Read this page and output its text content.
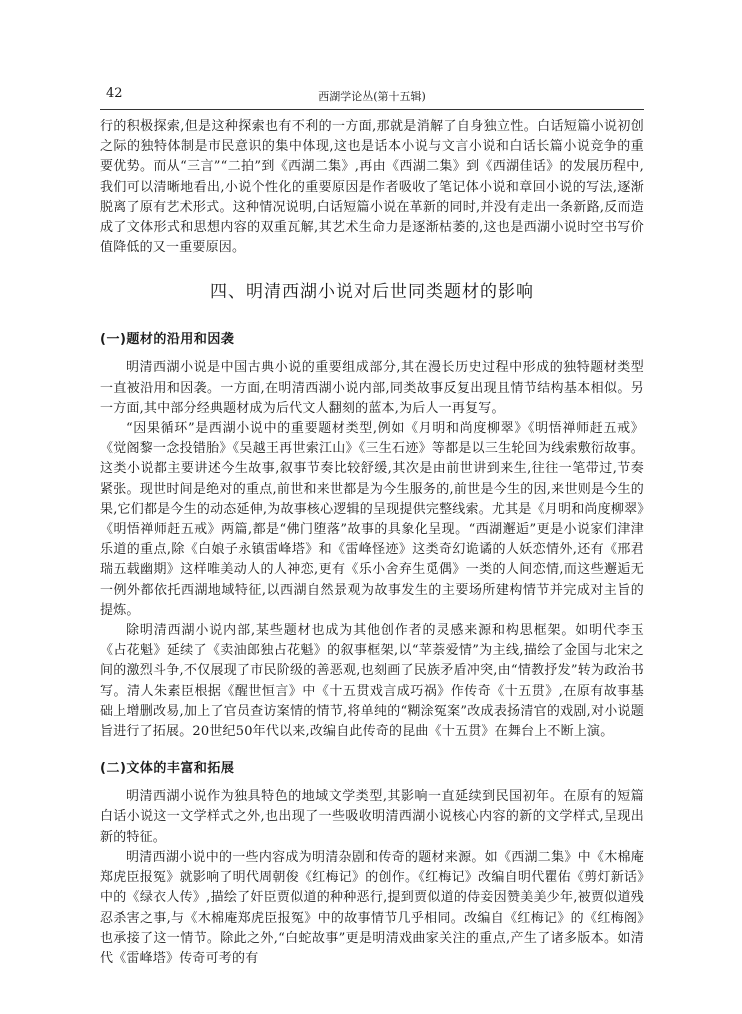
42	西湖学论丛(第十五辑)

行的积极探索,但是这种探索也有不利的一方面,那就是消解了自身独立性。白话短篇小说初创之际的独特体制是市民意识的集中体现,这也是话本小说与文言小说和白话长篇小说竞争的重要优势。而从“三言”“二拍”到《西湖二集》,再由《西湖二集》到《西湖佳话》的发展历程中,我们可以清晰地看出,小说个性化的重要原因是作者吸收了笔记体小说和章回小说的写法,逐渐脱离了原有艺术形式。这种情况说明,白话短篇小说在革新的同时,并没有走出一条新路,反而造成了文体形式和思想内容的双重瓦解,其艺术生命力是逐渐枯萎的,这也是西湖小说时空书写价值降低的又一重要原因。

四、明清西湖小说对后世同类题材的影响
(一)题材的沿用和因袭

明清西湖小说是中国古典小说的重要组成部分,其在漫长历史过程中形成的独特题材类型一直被沿用和因袭。一方面,在明清西湖小说内部,同类故事反复出现且情节结构基本相似。另一方面,其中部分经典题材成为后代文人翻刻的蓝本,为后人一再复写。

“因果循环”是西湖小说中的重要题材类型,例如《月明和尚度柳翠》《明悟禅师赶五戒》《觉阁黎一念投错胎》《吴越王再世索江山》《三生石迹》等都是以三生轮回为线索敷衍故事。这类小说都主要讲述今生故事,叙事节奏比较舒缓,其次是由前世讲到来生,往往一笔带过,节奏紧张。现世时间是绝对的重点,前世和来世都是为今生服务的,前世是今生的因,来世则是今生的果,它们都是今生的动态延伸,为故事核心逻辑的呈现提供完整线索。尤其是《月明和尚度柳翠》《明悟禅师赶五戒》两篇,都是“佛门堕落”故事的具象化呈现。“西湖邂逅”更是小说家们津津乐道的重点,除《白娘子永镇雷峰塔》和《雷峰怪迹》这类奇幻诡谲的人妖恋情外,还有《邢君瑞五载幽期》这样唯美动人的人神恋,更有《乐小舍弃生觅偶》一类的人间恋情,而这些邂逅无一例外都依托西湖地域特征,以西湖自然景观为故事发生的主要场所建构情节并完成对主旨的提炼。

除明清西湖小说内部,某些题材也成为其他创作者的灵感来源和构思框架。如明代李玉《占花魁》延续了《卖油郎独占花魁》的叙事框架,以“苹萘爱情”为主线,描绘了金国与北宋之间的激烈斗争,不仅展现了市民阶级的善恶观,也刻画了民族矛盾冲突,由“情教抒发”转为政治书写。清人朱素臣根据《醒世恒言》中《十五贯戏言成巧祸》作传奇《十五贯》,在原有故事基础上增删改易,加上了官员查访案情的情节,将单纯的“糊涂冤案”改成表扬清官的戏剧,对小说题旨进行了拓展。20世纪50年代以来,改编自此传奇的昆曲《十五贯》在舞台上不断上演。

(二)文体的丰富和拓展

明清西湖小说作为独具特色的地域文学类型,其影响一直延续到民国初年。在原有的短篇白话小说这一文学样式之外,也出现了一些吸收明清西湖小说核心内容的新的文学样式,呈现出新的特征。

明清西湖小说中的一些内容成为明清杂剧和传奇的题材来源。如《西湖二集》中《木棉庵郑虎臣报冤》就影响了明代周朝俊《红梅记》的创作。《红梅记》改编自明代瞿佑《剪灯新话》中的《绿衣人传》,描绘了奸臣贾似道的种种恶行,提到贾似道的侍妾因赞美美少年,被贾似道残忍杀害之事,与《木棉庵郑虎臣报冤》中的故事情节几乎相同。改编自《红梅记》的《红梅阁》也承接了这一情节。除此之外,“白蛇故事”更是明清戏曲家关注的重点,产生了诸多版本。如清代《雷峰塔》传奇可考的有
